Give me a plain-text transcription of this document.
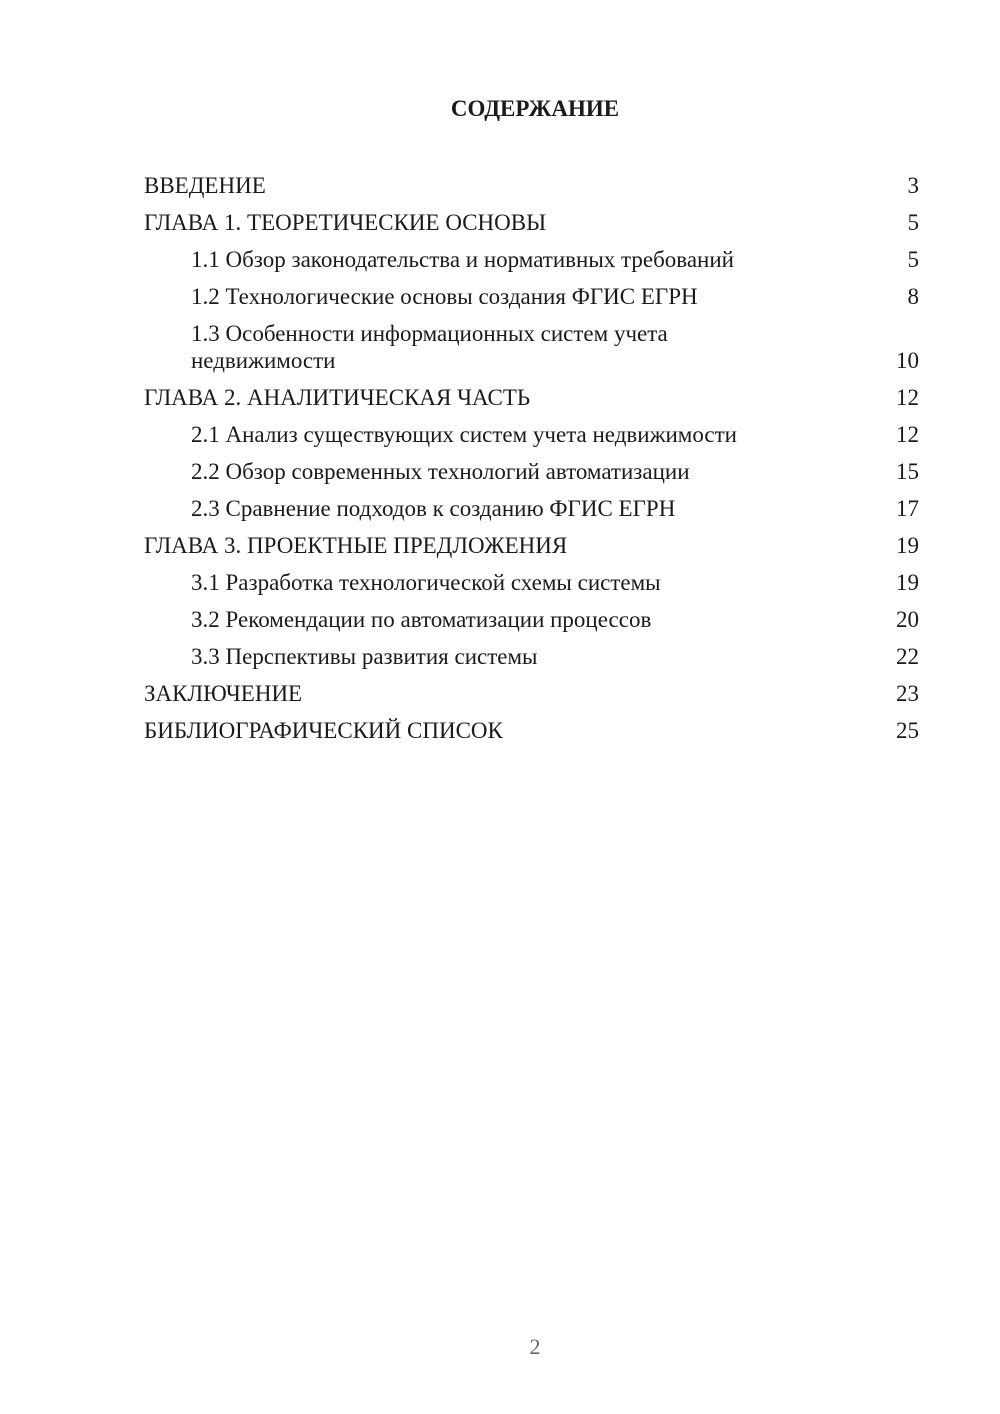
СОДЕРЖАНИЕ
ВВЕДЕНИЕ	3
ГЛАВА 1. ТЕОРЕТИЧЕСКИЕ ОСНОВЫ	5
1.1 Обзор законодательства и нормативных требований	5
1.2 Технологические основы создания ФГИС ЕГРН	8
1.3 Особенности информационных систем учета недвижимости	10
ГЛАВА 2. АНАЛИТИЧЕСКАЯ ЧАСТЬ	12
2.1 Анализ существующих систем учета недвижимости	12
2.2 Обзор современных технологий автоматизации	15
2.3 Сравнение подходов к созданию ФГИС ЕГРН	17
ГЛАВА 3. ПРОЕКТНЫЕ ПРЕДЛОЖЕНИЯ	19
3.1 Разработка технологической схемы системы	19
3.2 Рекомендации по автоматизации процессов	20
3.3 Перспективы развития системы	22
ЗАКЛЮЧЕНИЕ	23
БИБЛИОГРАФИЧЕСКИЙ СПИСОК	25
2
